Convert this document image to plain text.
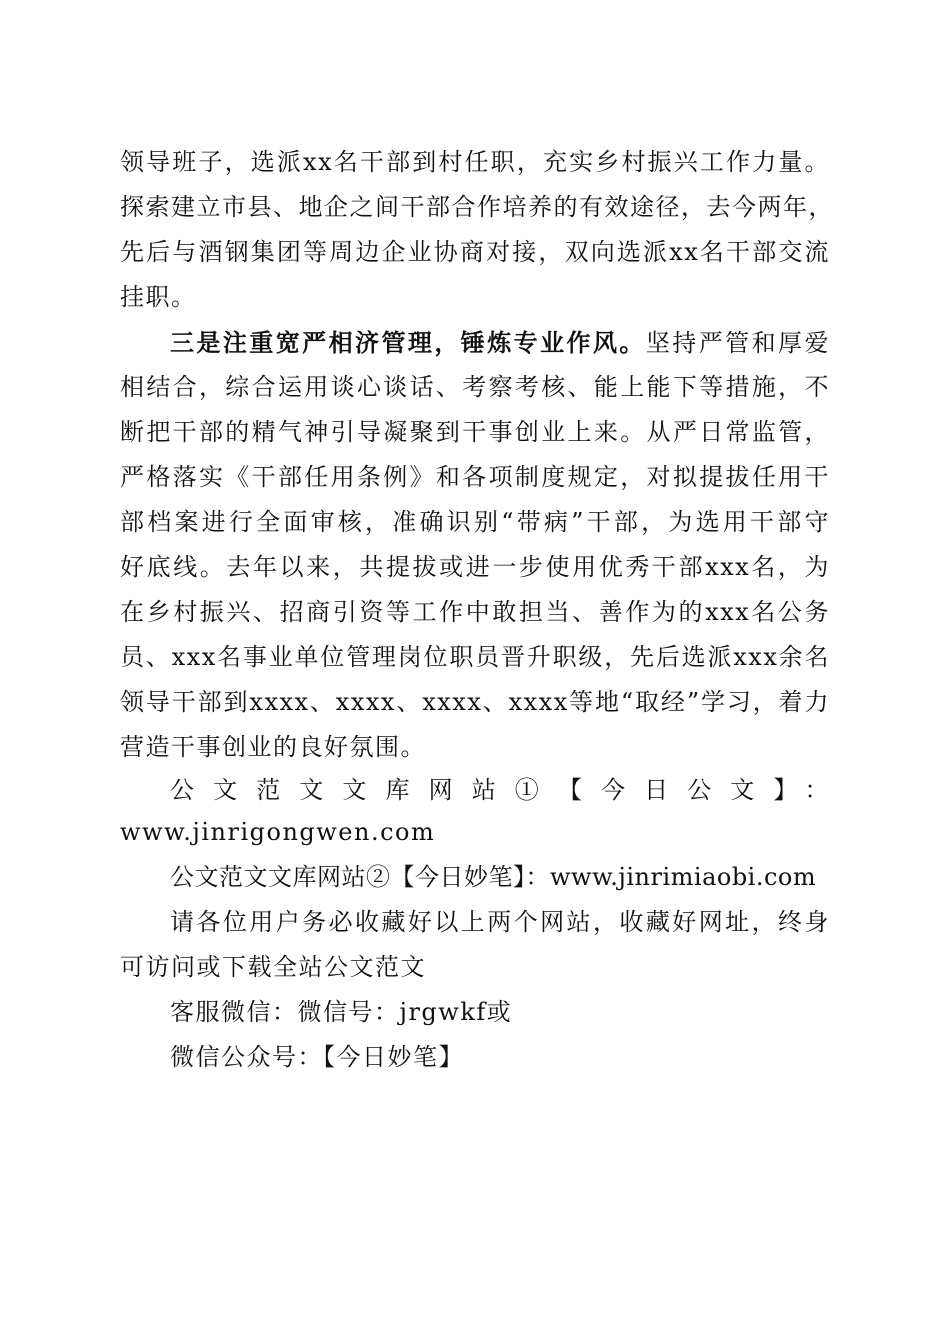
领导班子，选派xx名干部到村任职，充实乡村振兴工作力量。
探索建立市县、地企之间干部合作培养的有效途径，去今两年，
先后与酒钢集团等周边企业协商对接，双向选派xx名干部交流
挂职。
三是注重宽严相济管理，锤炼专业作风。坚持严管和厚爱
相结合，综合运用谈心谈话、考察考核、能上能下等措施，不
断把干部的精气神引导凝聚到干事创业上来。从严日常监管，
严格落实《干部任用条例》和各项制度规定，对拟提拔任用干
部档案进行全面审核，准确识别“带病”干部，为选用干部守
好底线。去年以来，共提拔或进一步使用优秀干部xxx名，为
在乡村振兴、招商引资等工作中敢担当、善作为的xxx名公务
员、xxx名事业单位管理岗位职员晋升职级，先后选派xxx余名
领导干部到xxxx、xxxx、xxxx、xxxx等地“取经”学习，着力
营造干事创业的良好氛围。
公文范文文库网站①【今日公文】：
www.jinrigongwen.com
公文范文文库网站②【今日妙笔】：www.jinrimiaobi.com
请各位用户务必收藏好以上两个网站，收藏好网址，终身
可访问或下载全站公文范文
客服微信：微信号：jrgwkf或
微信公众号：【今日妙笔】
